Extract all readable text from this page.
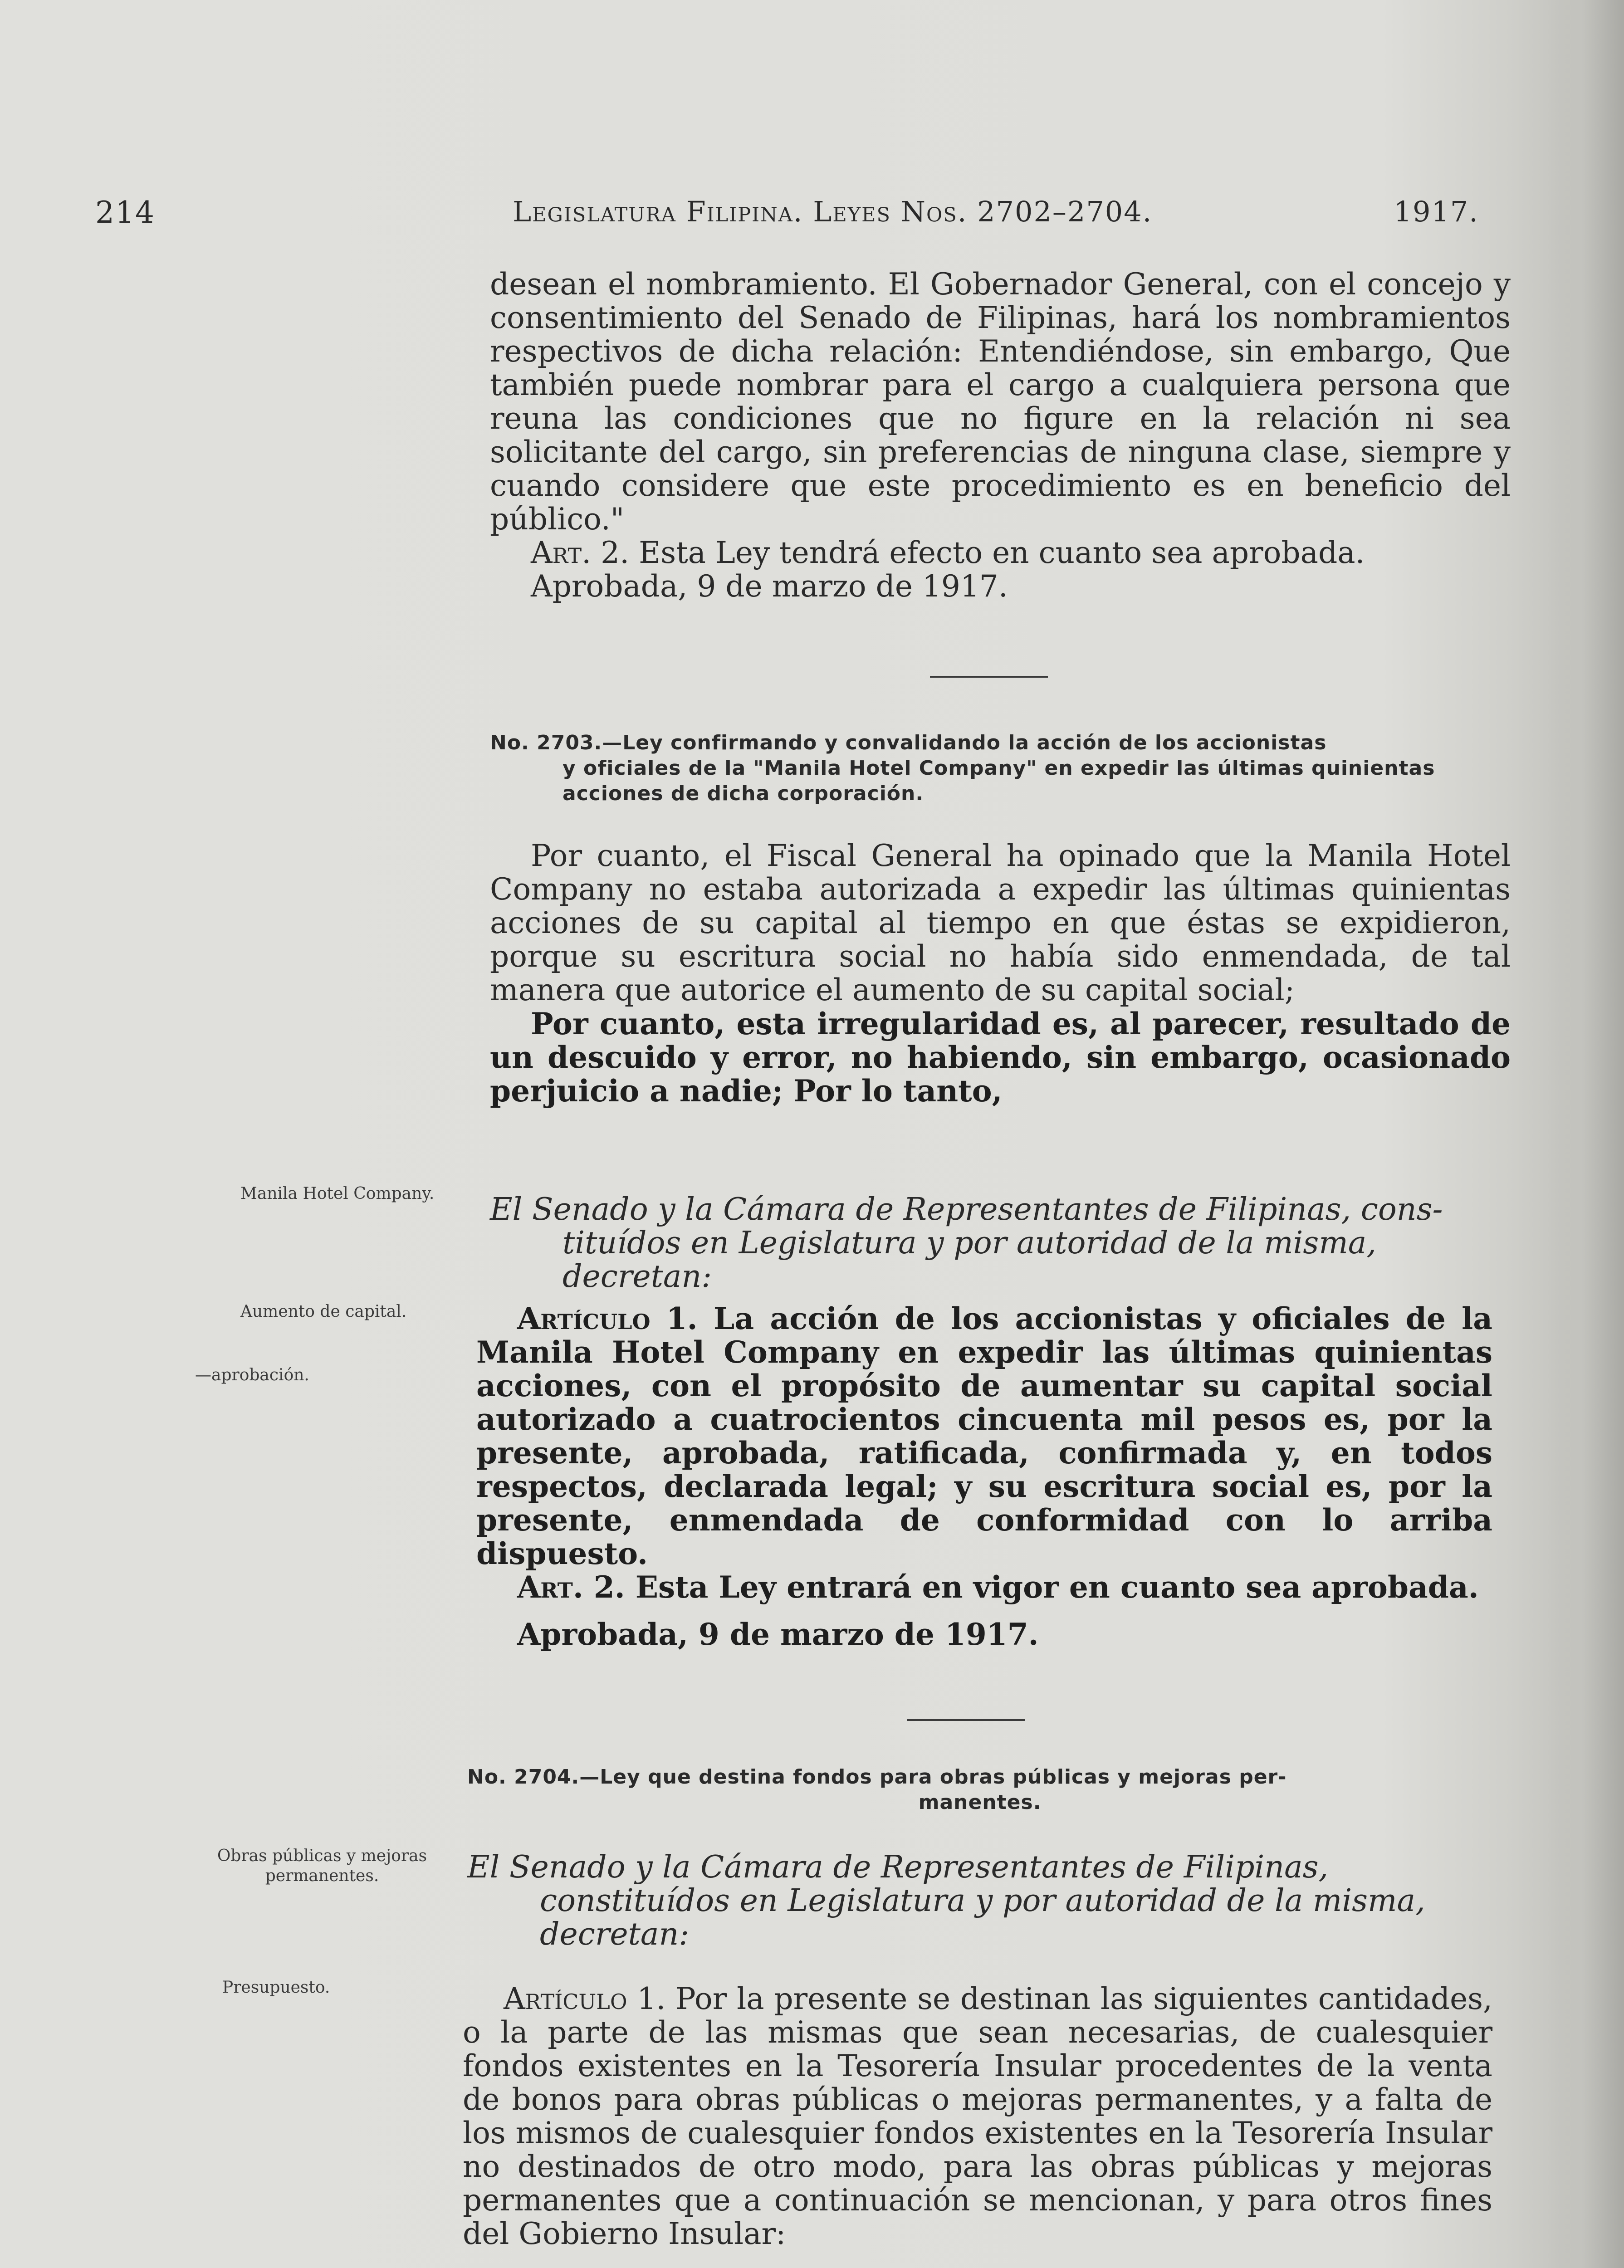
214	Legislatura Filipina. Leyes Nos. 2702–2704.	1917.

desean el nombramiento. El Gobernador General, con el concejo y consentimiento del Senado de Filipinas, hará los nombramientos respectivos de dicha relación: Entendiéndose, sin embargo, Que también puede nombrar para el cargo a cualquiera persona que reuna las condiciones que no figure en la relación ni sea solicitante del cargo, sin preferencias de ninguna clase, siempre y cuando considere que este procedimiento es en beneficio del público."

Art. 2. Esta Ley tendrá efecto en cuanto sea aprobada.

Aprobada, 9 de marzo de 1917.

No. 2703.—Ley confirmando y convalidando la acción de los accionistas
y oficiales de la "Manila Hotel Company" en expedir las últimas quinientas acciones de dicha corporación.

Por cuanto, el Fiscal General ha opinado que la Manila Hotel Company no estaba autorizada a expedir las últimas quinientas acciones de su capital al tiempo en que éstas se expidieron, porque su escritura social no había sido enmendada, de tal manera que autorice el aumento de su capital social;

Por cuanto, esta irregularidad es, al parecer, resultado de un descuido y error, no habiendo, sin embargo, ocasionado perjuicio a nadie; Por lo tanto,

Manila Hotel Company.	El Senado y la Cámara de Representantes de Filipinas, cons-
tituídos en Legislatura y por autoridad de la misma, decretan:

Aumento de capital.
—aprobación.

Artículo 1. La acción de los accionistas y oficiales de la Manila Hotel Company en expedir las últimas quinientas acciones, con el propósito de aumentar su capital social autorizado a cuatrocientos cincuenta mil pesos es, por la presente, aprobada, ratificada, confirmada y, en todos respectos, declarada legal; y su escritura social es, por la presente, enmendada de conformidad con lo arriba dispuesto.

Art. 2. Esta Ley entrará en vigor en cuanto sea aprobada.

Aprobada, 9 de marzo de 1917.

No. 2704.—Ley que destina fondos para obras públicas y mejoras per-
manentes.

Obras públicas y mejoras permanentes.	El Senado y la Cámara de Representantes de Filipinas,
constituídos en Legislatura y por autoridad de la misma, decretan:

Presupuesto.	Artículo 1. Por la presente se destinan las siguientes cantidades, o la parte de las mismas que sean necesarias, de cualesquier fondos existentes en la Tesorería Insular procedentes de la venta de bonos para obras públicas o mejoras permanentes, y a falta de los mismos de cualesquier fondos existentes en la Tesorería Insular no destinados de otro modo, para las obras públicas y mejoras permanentes que a continuación se mencionan, y para otros fines del Gobierno Insular:
